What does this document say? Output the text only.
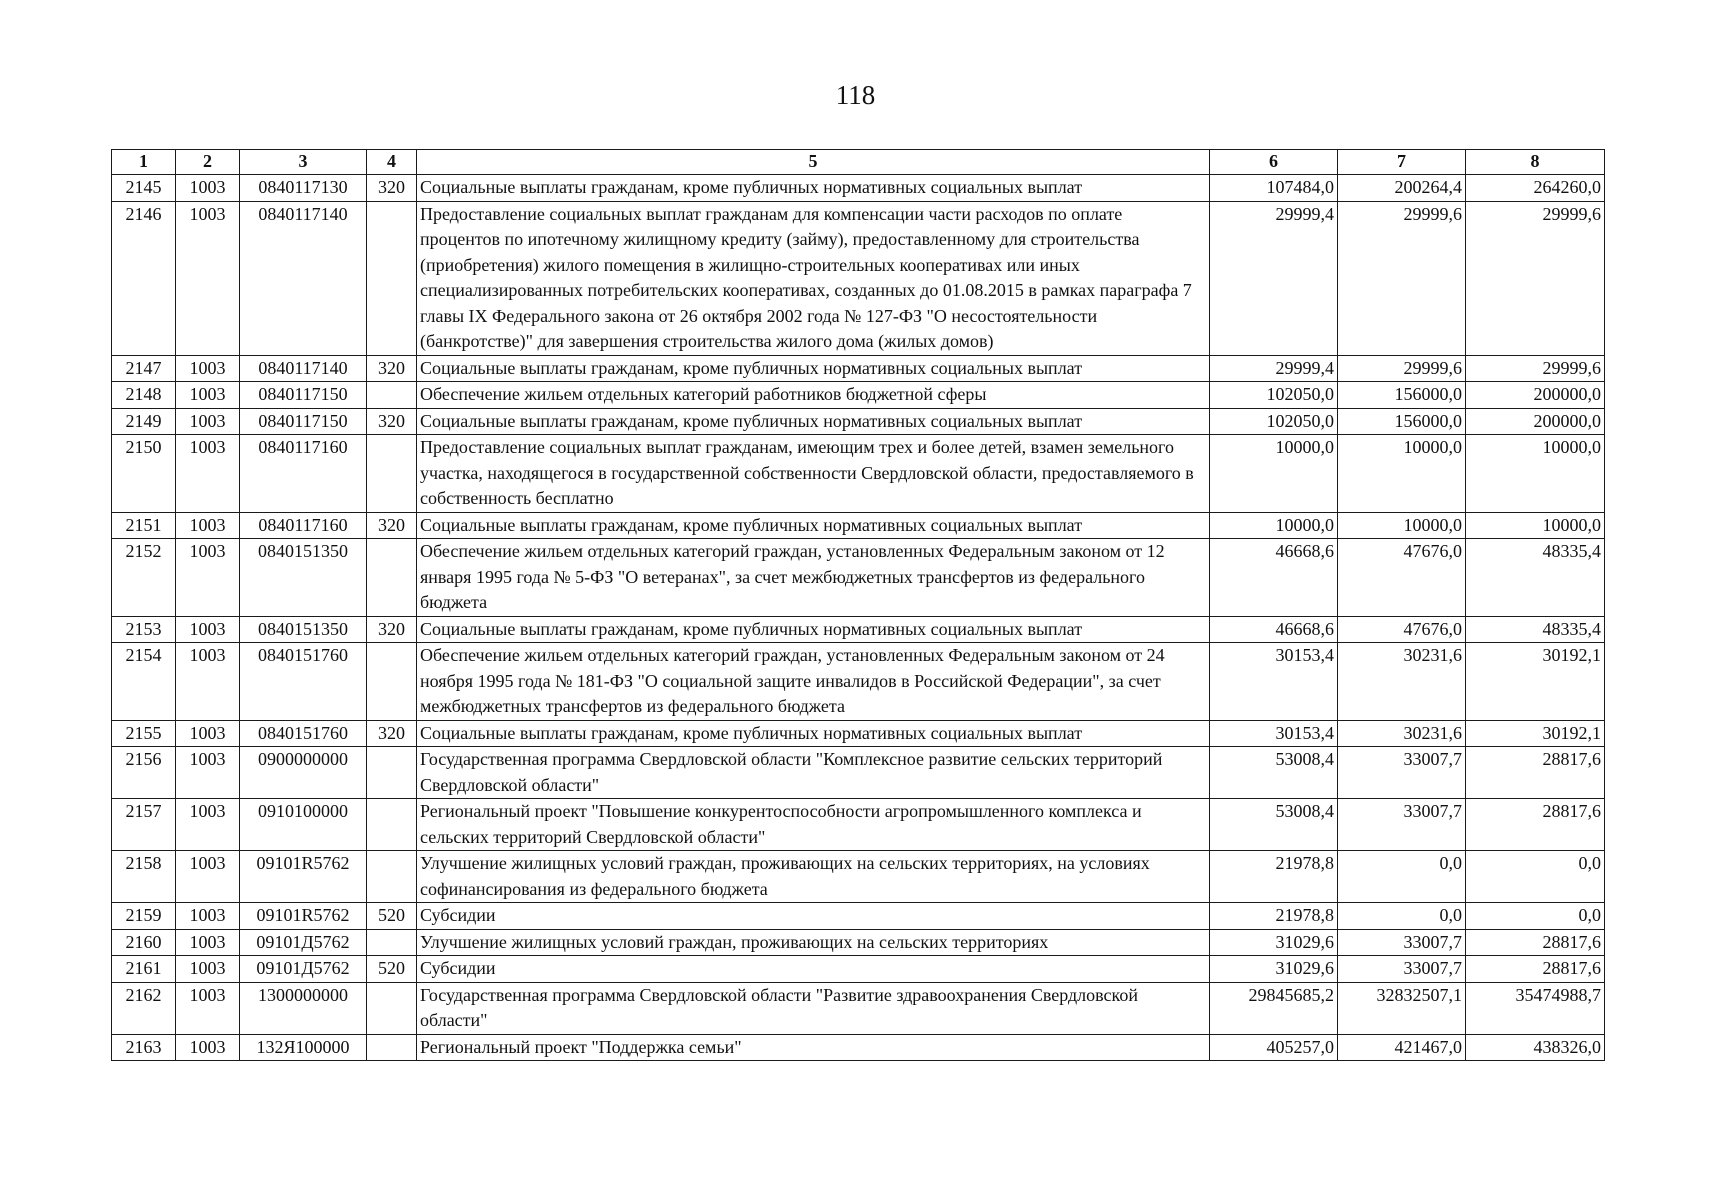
118
1	2	3	4	5	6	7	8
2145	1003	0840117130	320	Социальные выплаты гражданам, кроме публичных нормативных социальных выплат	107484,0	200264,4	264260,0
2146	1003	0840117140		Предоставление социальных выплат гражданам для компенсации части расходов по оплате процентов по ипотечному жилищному кредиту (займу), предоставленному для строительства (приобретения) жилого помещения в жилищно-строительных кооперативах или иных специализированных потребительских кооперативах, созданных до 01.08.2015 в рамках параграфа 7 главы IX Федерального закона от 26 октября 2002 года № 127-ФЗ "О несостоятельности (банкротстве)" для завершения строительства жилого дома (жилых домов)	29999,4	29999,6	29999,6
2147	1003	0840117140	320	Социальные выплаты гражданам, кроме публичных нормативных социальных выплат	29999,4	29999,6	29999,6
2148	1003	0840117150		Обеспечение жильем отдельных категорий работников бюджетной сферы	102050,0	156000,0	200000,0
2149	1003	0840117150	320	Социальные выплаты гражданам, кроме публичных нормативных социальных выплат	102050,0	156000,0	200000,0
2150	1003	0840117160		Предоставление социальных выплат гражданам, имеющим трех и более детей, взамен земельного участка, находящегося в государственной собственности Свердловской области, предоставляемого в собственность бесплатно	10000,0	10000,0	10000,0
2151	1003	0840117160	320	Социальные выплаты гражданам, кроме публичных нормативных социальных выплат	10000,0	10000,0	10000,0
2152	1003	0840151350		Обеспечение жильем отдельных категорий граждан, установленных Федеральным законом от 12 января 1995 года № 5-ФЗ "О ветеранах", за счет межбюджетных трансфертов из федерального бюджета	46668,6	47676,0	48335,4
2153	1003	0840151350	320	Социальные выплаты гражданам, кроме публичных нормативных социальных выплат	46668,6	47676,0	48335,4
2154	1003	0840151760		Обеспечение жильем отдельных категорий граждан, установленных Федеральным законом от 24 ноября 1995 года № 181-ФЗ "О социальной защите инвалидов в Российской Федерации", за счет межбюджетных трансфертов из федерального бюджета	30153,4	30231,6	30192,1
2155	1003	0840151760	320	Социальные выплаты гражданам, кроме публичных нормативных социальных выплат	30153,4	30231,6	30192,1
2156	1003	0900000000		Государственная программа Свердловской области "Комплексное развитие сельских территорий Свердловской области"	53008,4	33007,7	28817,6
2157	1003	0910100000		Региональный проект "Повышение конкурентоспособности агропромышленного комплекса и сельских территорий Свердловской области"	53008,4	33007,7	28817,6
2158	1003	09101R5762		Улучшение жилищных условий граждан, проживающих на сельских территориях, на условиях софинансирования из федерального бюджета	21978,8	0,0	0,0
2159	1003	09101R5762	520	Субсидии	21978,8	0,0	0,0
2160	1003	09101Д5762		Улучшение жилищных условий граждан, проживающих на сельских территориях	31029,6	33007,7	28817,6
2161	1003	09101Д5762	520	Субсидии	31029,6	33007,7	28817,6
2162	1003	1300000000		Государственная программа Свердловской области "Развитие здравоохранения Свердловской области"	29845685,2	32832507,1	35474988,7
2163	1003	132Я100000		Региональный проект "Поддержка семьи"	405257,0	421467,0	438326,0
